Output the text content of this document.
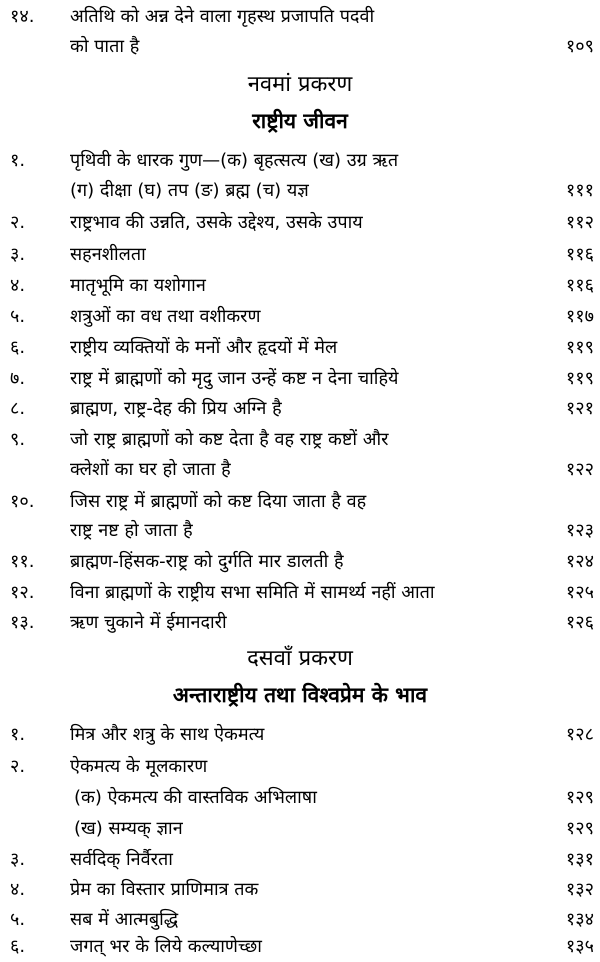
१४. अतिथि को अन्न देने वाला गृहस्थ प्रजापति पदवी
को पाता है	१०९
नवमां प्रकरण
राष्ट्रीय जीवन
१. पृथिवी के धारक गुण—(क) बृहत्सत्य (ख) उग्र ऋत
(ग) दीक्षा (घ) तप (ङ) ब्रह्म (च) यज्ञ	१११
२. राष्ट्रभाव की उन्नति, उसके उद्देश्य, उसके उपाय	११२
३. सहनशीलता	११६
४. मातृभूमि का यशोगान	११६
५. शत्रुओं का वध तथा वशीकरण	११७
६. राष्ट्रीय व्यक्तियों के मनों और हृदयों में मेल	११९
७. राष्ट्र में ब्राह्मणों को मृदु जान उन्हें कष्ट न देना चाहिये	११९
८. ब्राह्मण, राष्ट्र-देह की प्रिय अग्नि है	१२१
९. जो राष्ट्र ब्राह्मणों को कष्ट देता है वह राष्ट्र कष्टों और
क्लेशों का घर हो जाता है	१२२
१०. जिस राष्ट्र में ब्राह्मणों को कष्ट दिया जाता है वह
राष्ट्र नष्ट हो जाता है	१२३
११. ब्राह्मण-हिंसक-राष्ट्र को दुर्गति मार डालती है	१२४
१२. विना ब्राह्मणों के राष्ट्रीय सभा समिति में सामर्थ्य नहीं आता	१२५
१३. ऋण चुकाने में ईमानदारी	१२६
दसवाँ प्रकरण
अन्ताराष्ट्रीय तथा विश्वप्रेम के भाव
१. मित्र और शत्रु के साथ ऐकमत्य	१२८
२. ऐकमत्य के मूलकारण
(क) ऐकमत्य की वास्तविक अभिलाषा	१२९
(ख) सम्यक् ज्ञान	१२९
३. सर्वदिक् निर्वैरता	१३१
४. प्रेम का विस्तार प्राणिमात्र तक	१३२
५. सब में आत्मबुद्धि	१३४
६. जगत् भर के लिये कल्याणेच्छा	१३५
